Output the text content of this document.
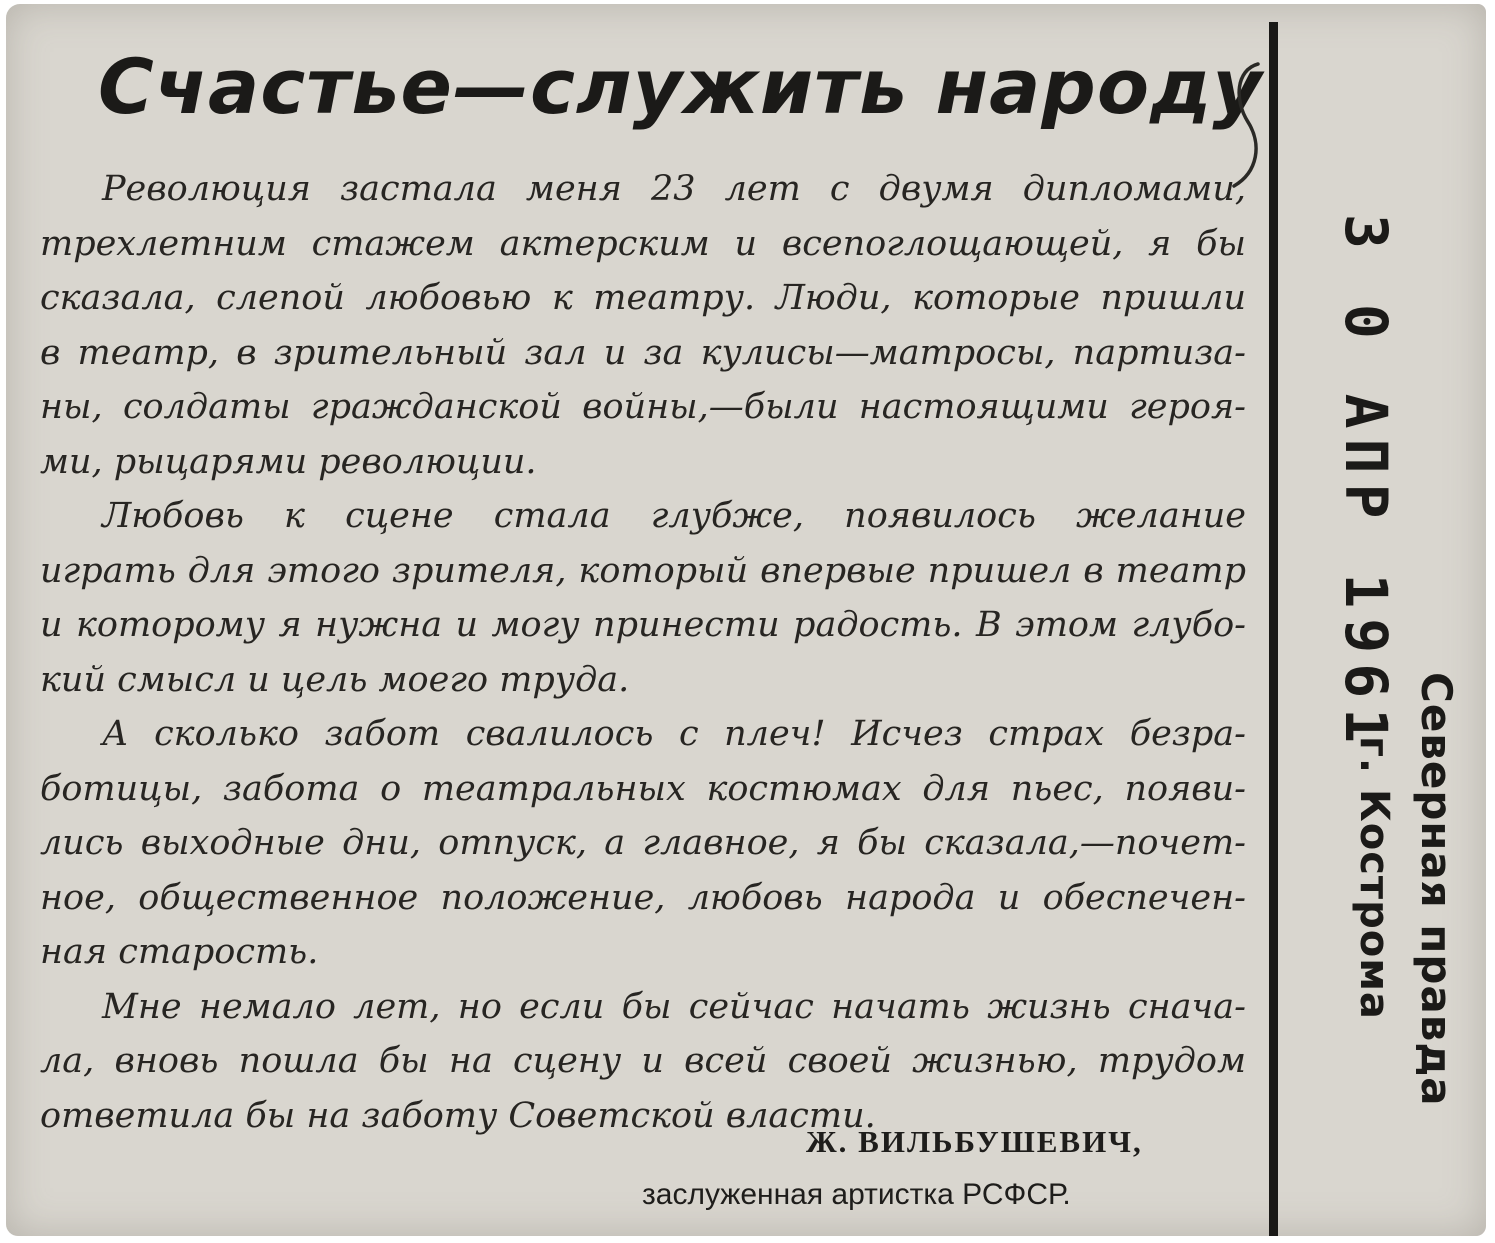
Счастье—служить народу
Революция застала меня 23 лет с двумя дипломами,
трехлетним стажем актерским и всепоглощающей, я бы
сказала, слепой любовью к театру. Люди, которые пришли
в театр, в зрительный зал и за кулисы—матросы, партиза-
ны, солдаты гражданской войны,—были настоящими героя-
ми, рыцарями революции.
Любовь к сцене стала глубже, появилось желание
играть для этого зрителя, который впервые пришел в театр
и которому я нужна и могу принести радость. В этом глубо-
кий смысл и цель моего труда.
А сколько забот свалилось с плеч! Исчез страх безра-
ботицы, забота о театральных костюмах для пьес, появи-
лись выходные дни, отпуск, а главное, я бы сказала,—почет-
ное, общественное положение, любовь народа и обеспечен-
ная старость.
Мне немало лет, но если бы сейчас начать жизнь снача-
ла, вновь пошла бы на сцену и всей своей жизнью, трудом
ответила бы на заботу Советской власти.
Ж. ВИЛЬБУШЕВИЧ,
заслуженная артистка РСФСР.
3 0 АПР 1961
Северная правда
г. Кострома
